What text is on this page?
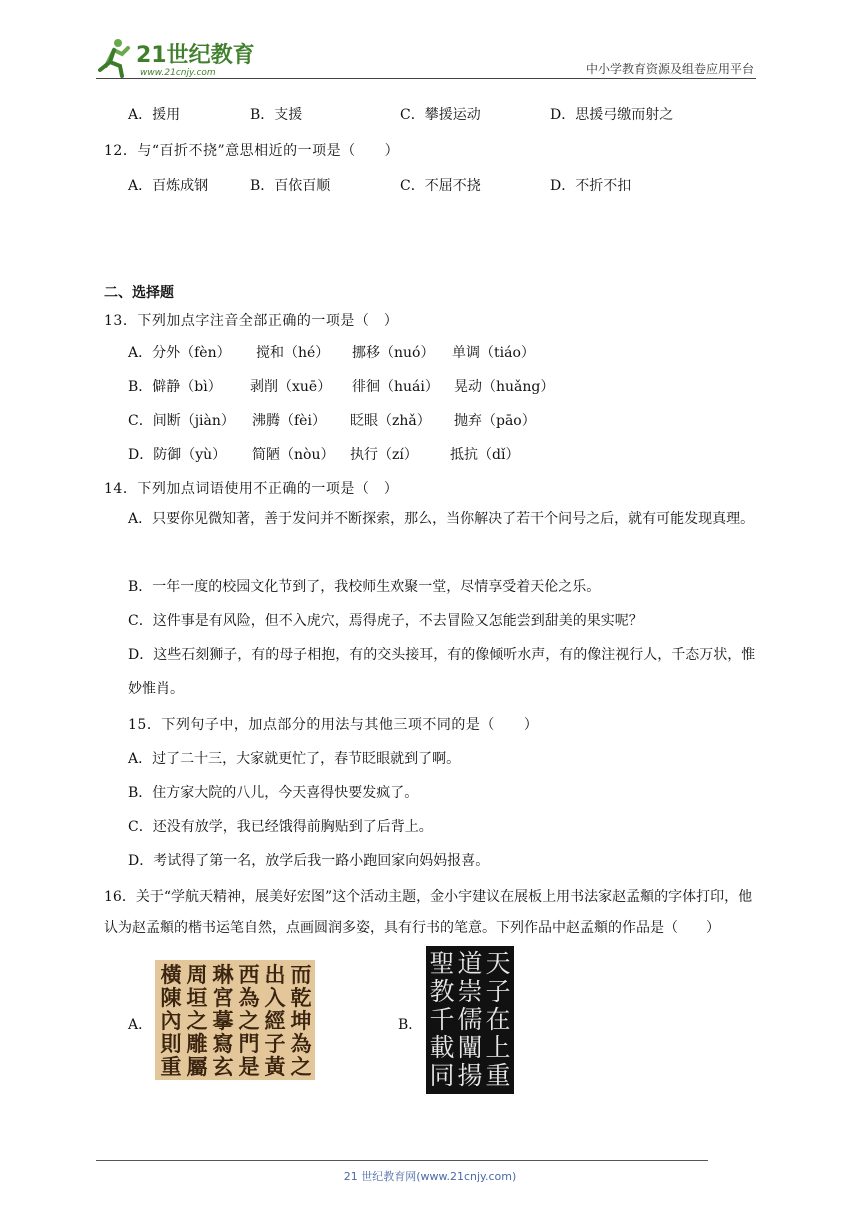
21世纪教育
www.21cnjy.com	中小学教育资源及组卷应用平台
A．援用	B．支援	C．攀援运动	D．思援弓缴而射之
12．与“百折不挠”意思相近的一项是（　　）
A．百炼成钢	B．百依百顺	C．不屈不挠	D．不折不扣
二、选择题
13．下列加点字注音全部正确的一项是（　）
A．分外（fèn） 搅和（hé） 挪移（nuó） 单调（tiáo）
B．僻静（bì） 剥削（xuē） 徘徊（huái） 晃动（huǎng）
C．间断（jiàn） 沸腾（fèi） 眨眼（zhǎ） 抛弃（pāo）
D．防御（yù） 简陋（nòu） 执行（zí） 抵抗（dǐ）
14．下列加点词语使用不正确的一项是（　）
A．只要你见微知著，善于发问并不断探索，那么，当你解决了若干个问号之后，就有可能发现真理。
B．一年一度的校园文化节到了，我校师生欢聚一堂，尽情享受着天伦之乐。
C．这件事是有风险，但不入虎穴，焉得虎子，不去冒险又怎能尝到甜美的果实呢？
D．这些石刻狮子，有的母子相抱，有的交头接耳，有的像倾听水声，有的像注视行人，千态万状，惟妙惟肖。
15．下列句子中，加点部分的用法与其他三项不同的是（　　）
A．过了二十三，大家就更忙了，春节眨眼就到了啊。
B．住方家大院的八儿，今天喜得快要发疯了。
C．还没有放学，我已经饿得前胸贴到了后背上。
D．考试得了第一名，放学后我一路小跑回家向妈妈报喜。
16．关于“学航天精神，展美好宏图”这个活动主题，金小宇建议在展板上用书法家赵孟頫的字体打印，他认为赵孟頫的楷书运笔自然，点画圆润多姿，具有行书的笔意。下列作品中赵孟頫的作品是（　　）
A．
而
乾
坤
為
之
出
入
經
子
黃
西
為
之
門
是
琳
宮
摹
寫
玄
周
垣
之
雕
屬
橫
陳
內
則
重
B．
天
子
在
上
重
道
崇
儒
闡
揚
聖
教
千
載
同
21 世纪教育网(www.21cnjy.com)
